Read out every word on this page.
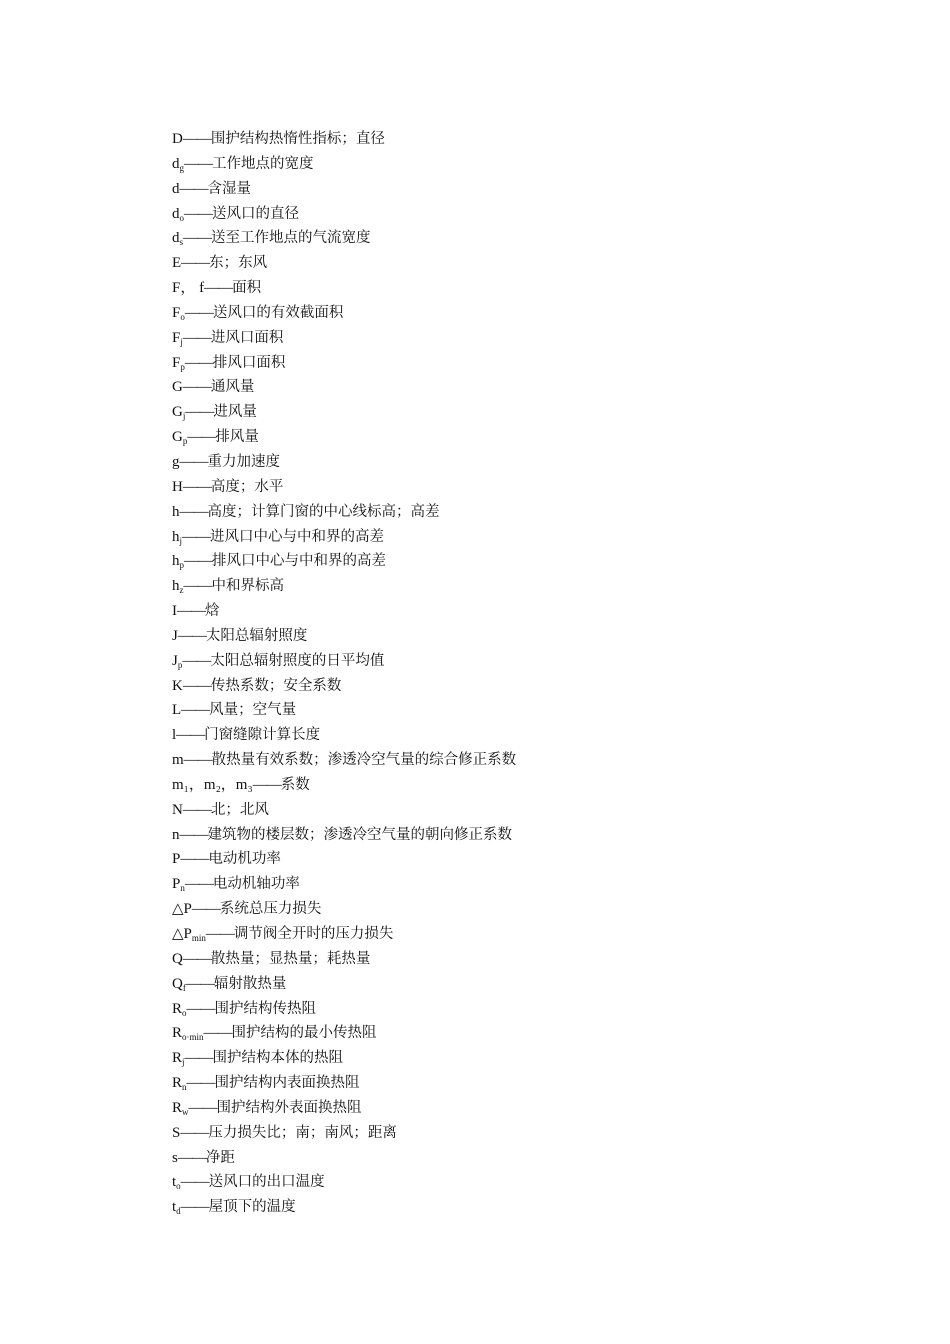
D——围护结构热惰性指标；直径
$d_g——$工作地点的宽度
d——含湿量
$d_o——$送风口的直径
$d_s——$送至工作地点的气流宽度
E——东；东风
F， f——面积
$F_o——$送风口的有效截面积
$F_j——$进风口面积
$F_p——$排风口面积
G——通风量
$G_j——$进风量
$G_p——$排风量
g——重力加速度
H——高度；水平
h——高度；计算门窗的中心线标高；高差
$h_j——$进风口中心与中和界的高差
$h_p——$排风口中心与中和界的高差
$h_z——$中和界标高
I——焓
J——太阳总辐射照度
$J_p——$太阳总辐射照度的日平均值
K——传热系数；安全系数
L——风量；空气量
l——门窗缝隙计算长度
m——散热量有效系数；渗透冷空气量的综合修正系数
m₁，m₂，m₃——系数
N——北；北风
n——建筑物的楼层数；渗透冷空气量的朝向修正系数
P——电动机功率
$P_n——$电动机轴功率
△P——系统总压力损失
$\triangle P_{min}——$调节阀全开时的压力损失
Q——散热量；显热量；耗热量
$Q_f——$辐射散热量
$R_o——$围护结构传热阻
$R_{o\cdot min}——$围护结构的最小传热阻
$R_j——$围护结构本体的热阻
$R_n——$围护结构内表面换热阻
$R_w——$围护结构外表面换热阻
S——压力损失比；南；南风；距离
s——净距
$t_o——$送风口的出口温度
$t_d——$屋顶下的温度
